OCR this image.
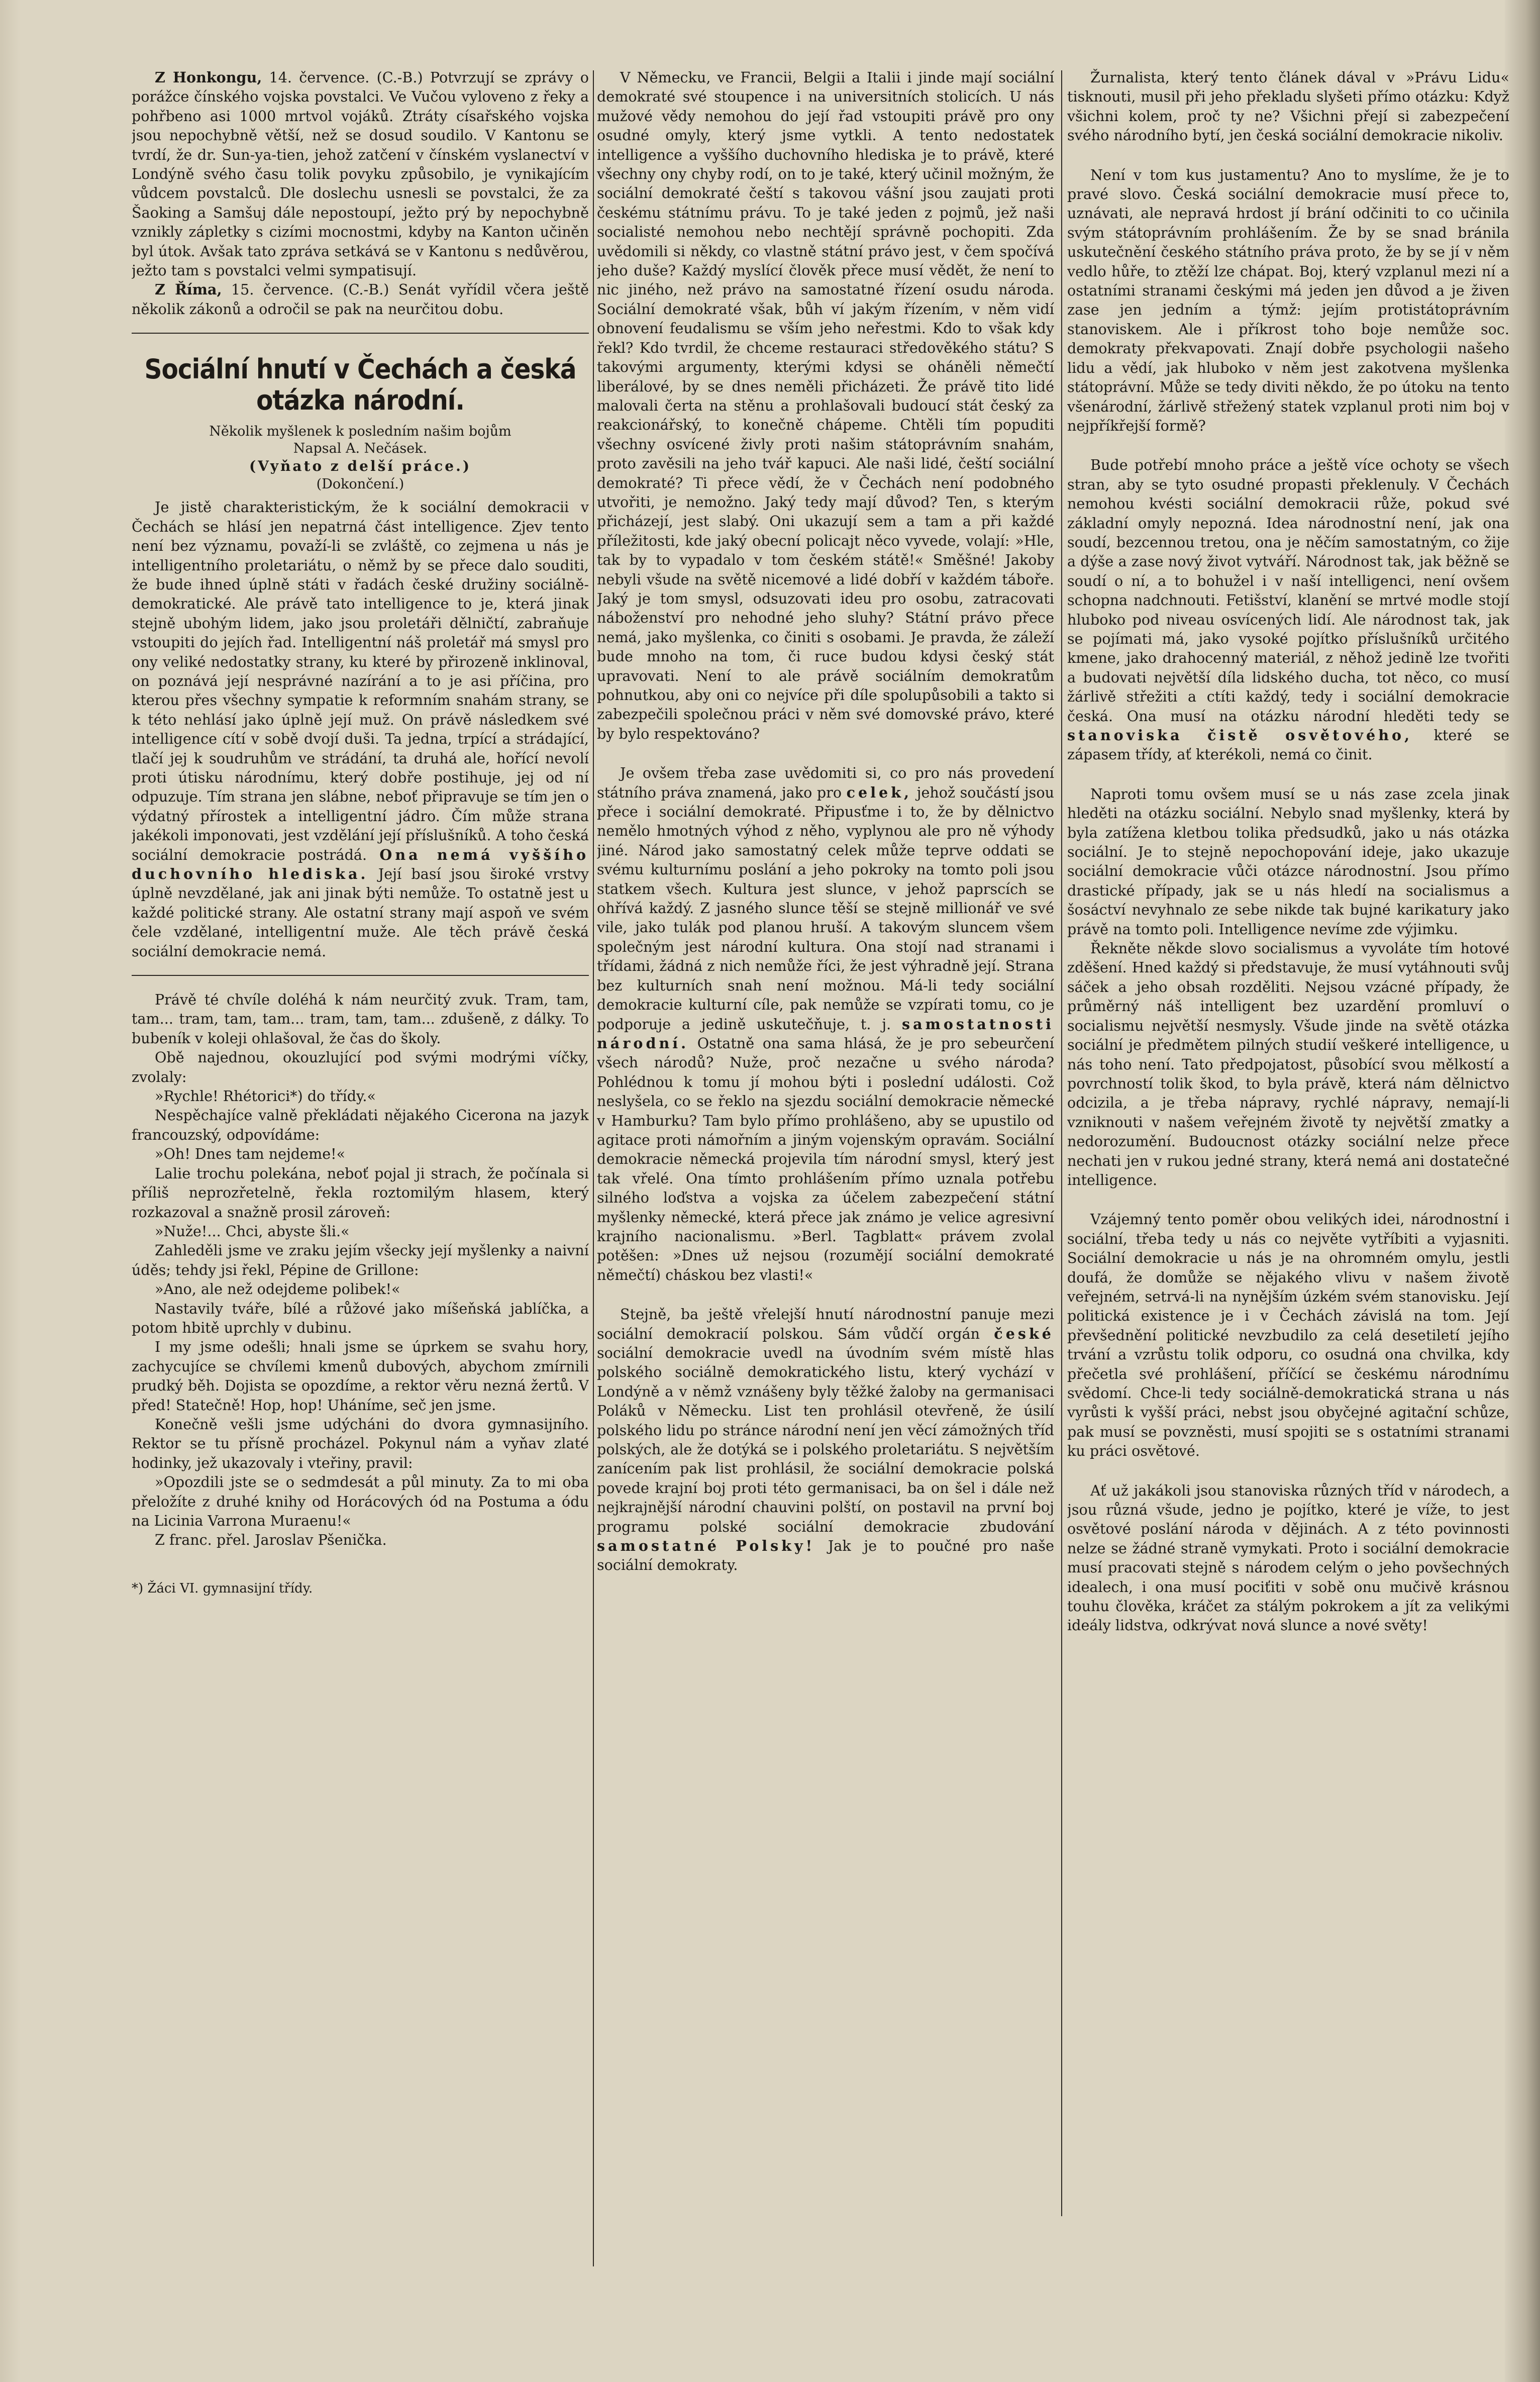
Z Honkongu, 14. července. (C.-B.) Potvrzují se zprávy o porážce čínského vojska povstalci. Ve Vučou vyloveno z řeky a pohřbeno asi 1000 mrtvol vojáků. Ztráty císařského vojska jsou nepochybně větší, než se dosud soudilo. V Kantonu se tvrdí, že dr. Sun-ya-tien, jehož zatčení v čínském vyslanectví v Londýně svého času tolik povyku způsobilo, je vynikajícím vůdcem povstalců. Dle doslechu usnesli se povstalci, že za Šaoking a Samšuj dále nepostoupí, ježto prý by nepochybně vznikly zápletky s cizími mocnostmi, kdyby na Kanton učiněn byl útok. Avšak tato zpráva setkává se v Kantonu s nedůvěrou, ježto tam s povstalci velmi sympatisují.

Z Říma, 15. července. (C.-B.) Senát vyřídil včera ještě několik zákonů a odročil se pak na neurčitou dobu.

Sociální hnutí v Čechách a česká otázka národní.
Několik myšlenek k posledním našim bojům
Napsal A. Nečásek.
(Vyňato z delší práce.)
(Dokončení.)

Je jistě charakteristickým, že k sociální demokracii v Čechách se hlásí jen nepatrná část intelligence. Zjev tento není bez významu, považí-li se zvláště, co zejmena u nás je intelligentního proletariátu, o němž by se přece dalo souditi, že bude ihned úplně státi v řadách české družiny sociálně-demokratické. Ale právě tato intelligence to je, která jinak stejně ubohým lidem, jako jsou proletáři dělničtí, zabraňuje vstoupiti do jejích řad. Intelligentní náš proletář má smysl pro ony veliké nedostatky strany, ku které by přirozeně inklinoval, on poznává její nesprávné nazírání a to je asi příčina, pro kterou přes všechny sympatie k reformním snahám strany, se k této nehlásí jako úplně její muž. On právě následkem své intelligence cítí v sobě dvojí duši. Ta jedna, trpící a strádající, tlačí jej k soudruhům ve strádání, ta druhá ale, hořící nevolí proti útisku národnímu, který dobře postihuje, jej od ní odpuzuje. Tím strana jen slábne, neboť připravuje se tím jen o výdatný přírostek a intelligentní jádro. Čím může strana jakékoli imponovati, jest vzdělání její příslušníků. A toho česká sociální demokracie postrádá. Ona nemá vyššího duchovního hlediska. Její basí jsou široké vrstvy úplně nevzdělané, jak ani jinak býti nemůže. To ostatně jest u každé politické strany. Ale ostatní strany mají aspoň ve svém čele vzdělané, intelligentní muže. Ale těch právě česká sociální demokracie nemá.

Právě té chvíle doléhá k nám neurčitý zvuk. Tram, tam, tam... tram, tam, tam... tram, tam, tam... zdušeně, z dálky. To bubeník v koleji ohlašoval, že čas do školy.

Obě najednou, okouzlující pod svými modrými víčky, zvolaly:

»Rychle! Rhétorici*) do třídy.«

Nespěchajíce valně překládati nějakého Cicerona na jazyk francouzský, odpovídáme:

»Oh! Dnes tam nejdeme!«

Lalie trochu polekána, neboť pojal ji strach, že počínala si příliš neprozřetelně, řekla roztomilým hlasem, který rozkazoval a snažně prosil zároveň:

»Nuže!... Chci, abyste šli.«

Zahleděli jsme ve zraku jejím všecky její myšlenky a naivní úděs; tehdy jsi řekl, Pépine de Grillone:

»Ano, ale než odejdeme polibek!«

Nastavily tváře, bílé a růžové jako míšeňská jablíčka, a potom hbitě uprchly v dubinu.

I my jsme odešli; hnali jsme se úprkem se svahu hory, zachycujíce se chvílemi kmenů dubových, abychom zmírnili prudký běh. Dojista se opozdíme, a rektor věru nezná žertů. V před! Statečně! Hop, hop! Uháníme, seč jen jsme.

Konečně vešli jsme udýcháni do dvora gymnasijního. Rektor se tu přísně procházel. Pokynul nám a vyňav zlaté hodinky, jež ukazovaly i vteřiny, pravil:

»Opozdili jste se o sedmdesát a půl minuty. Za to mi oba přeložíte z druhé knihy od Horácových ód na Postuma a ódu na Licinia Varrona Muraenu!«

Z franc. přel. Jaroslav Pšenička.

*) Žáci VI. gymnasijní třídy.

V Německu, ve Francii, Belgii a Italii i jinde mají sociální demokraté své stoupence i na universitních stolicích. U nás mužové vědy nemohou do její řad vstoupiti právě pro ony osudné omyly, který jsme vytkli. A tento nedostatek intelligence a vyššího duchovního hlediska je to právě, které všechny ony chyby rodí, on to je také, který učinil možným, že sociální demokraté čeští s takovou vášní jsou zaujati proti českému státnímu právu. To je také jeden z pojmů, jež naši socialisté nemohou nebo nechtějí správně pochopiti. Zda uvědomili si někdy, co vlastně státní právo jest, v čem spočívá jeho duše? Každý myslící člověk přece musí vědět, že není to nic jiného, než právo na samostatné řízení osudu národa. Sociální demokraté však, bůh ví jakým řízením, v něm vidí obnovení feudalismu se vším jeho neřestmi. Kdo to však kdy řekl? Kdo tvrdil, že chceme restauraci středověkého státu? S takovými argumenty, kterými kdysi se oháněli němečtí liberálové, by se dnes neměli přicházeti. Že právě tito lidé malovali čerta na stěnu a prohlašovali budoucí stát český za reakcionářský, to konečně chápeme. Chtěli tím popuditi všechny osvícené živly proti našim státoprávním snahám, proto zavěsili na jeho tvář kapuci. Ale naši lidé, čeští sociální demokraté? Ti přece vědí, že v Čechách není podobného utvořiti, je nemožno. Jaký tedy mají důvod? Ten, s kterým přicházejí, jest slabý. Oni ukazují sem a tam a při každé příležitosti, kde jaký obecní policajt něco vyvede, volají: »Hle, tak by to vypadalo v tom českém státě!« Směšné! Jakoby nebyli všude na světě nicemové a lidé dobří v každém táboře. Jaký je tom smysl, odsuzovati ideu pro osobu, zatracovati náboženství pro nehodné jeho sluhy? Státní právo přece nemá, jako myšlenka, co činiti s osobami. Je pravda, že záleží bude mnoho na tom, či ruce budou kdysi český stát upravovati. Není to ale právě sociálním demokratům pohnutkou, aby oni co nejvíce při díle spolupůsobili a takto si zabezpečili společnou práci v něm své domovské právo, které by bylo respektováno?

Je ovšem třeba zase uvědomiti si, co pro nás provedení státního práva znamená, jako pro celek, jehož součástí jsou přece i sociální demokraté. Připusťme i to, že by dělnictvo nemělo hmotných výhod z něho, vyplynou ale pro ně výhody jiné. Národ jako samostatný celek může teprve oddati se svému kulturnímu poslání a jeho pokroky na tomto poli jsou statkem všech. Kultura jest slunce, v jehož paprscích se ohřívá každý. Z jasného slunce těší se stejně millionář ve své vile, jako tulák pod planou hruší. A takovým sluncem všem společným jest národní kultura. Ona stojí nad stranami i třídami, žádná z nich nemůže říci, že jest výhradně její. Strana bez kulturních snah není možnou. Má-li tedy sociální demokracie kulturní cíle, pak nemůže se vzpírati tomu, co je podporuje a jedině uskutečňuje, t. j. samostatnosti národní. Ostatně ona sama hlásá, že je pro sebeurčení všech národů? Nuže, proč nezačne u svého národa? Pohlédnou k tomu jí mohou býti i poslední události. Což neslyšela, co se řeklo na sjezdu sociální demokracie německé v Hamburku? Tam bylo přímo prohlášeno, aby se upustilo od agitace proti námořním a jiným vojenským opravám. Sociální demokracie německá projevila tím národní smysl, který jest tak vřelé. Ona tímto prohlášením přímo uznala potřebu silného loďstva a vojska za účelem zabezpečení státní myšlenky německé, která přece jak známo je velice agresivní krajního nacionalismu. »Berl. Tagblatt« právem zvolal potěšen: »Dnes už nejsou (rozumějí sociální demokraté němečtí) cháskou bez vlasti!«

Stejně, ba ještě vřelejší hnutí národnostní panuje mezi sociální demokracií polskou. Sám vůdčí orgán české sociální demokracie uvedl na úvodním svém místě hlas polského sociálně demokratického listu, který vychází v Londýně a v němž vznášeny byly těžké žaloby na germanisaci Poláků v Německu. List ten prohlásil otevřeně, že úsilí polského lidu po stránce národní není jen věcí zámožných tříd polských, ale že dotýká se i polského proletariátu. S největším zanícením pak list prohlásil, že sociální demokracie polská povede krajní boj proti této germanisaci, ba on šel i dále než nejkrajnější národní chauvini polští, on postavil na první boj programu polské sociální demokracie zbudování samostatné Polsky! Jak je to poučné pro naše sociální demokraty.

Žurnalista, který tento článek dával v »Právu Lidu« tisknouti, musil při jeho překladu slyšeti přímo otázku: Když všichni kolem, proč ty ne? Všichni přejí si zabezpečení svého národního bytí, jen česká sociální demokracie nikoliv.

Není v tom kus justamentu? Ano to myslíme, že je to pravé slovo. Česká sociální demokracie musí přece to, uznávati, ale nepravá hrdost jí brání odčiniti to co učinila svým státoprávním prohlášením. Že by se snad bránila uskutečnění českého státního práva proto, že by se jí v něm vedlo hůře, to ztěží lze chápat. Boj, který vzplanul mezi ní a ostatními stranami českými má jeden jen důvod a je živen zase jen jedním a týmž: jejím protistátoprávním stanoviskem. Ale i příkrost toho boje nemůže soc. demokraty překvapovati. Znají dobře psychologii našeho lidu a vědí, jak hluboko v něm jest zakotvena myšlenka státoprávní. Může se tedy diviti někdo, že po útoku na tento všenárodní, žárlivě střežený statek vzplanul proti nim boj v nejpříkřejší formě?

Bude potřebí mnoho práce a ještě více ochoty se všech stran, aby se tyto osudné propasti překlenuly. V Čechách nemohou kvésti sociální demokracii růže, pokud své základní omyly nepozná. Idea národnostní není, jak ona soudí, bezcennou tretou, ona je něčím samostatným, co žije a dýše a zase nový život vytváří. Národnost tak, jak běžně se soudí o ní, a to bohužel i v naší intelligenci, není ovšem schopna nadchnouti. Fetišství, klanění se mrtvé modle stojí hluboko pod niveau osvícených lidí. Ale národnost tak, jak se pojímati má, jako vysoké pojítko příslušníků určitého kmene, jako drahocenný materiál, z něhož jedině lze tvořiti a budovati největší díla lidského ducha, tot něco, co musí žárlivě střežiti a ctíti každý, tedy i sociální demokracie česká. Ona musí na otázku národní hleděti tedy se stanoviska čistě osvětového, které se zápasem třídy, ať kterékoli, nemá co činit.

Naproti tomu ovšem musí se u nás zase zcela jinak hleděti na otázku sociální. Nebylo snad myšlenky, která by byla zatížena kletbou tolika předsudků, jako u nás otázka sociální. Je to stejně nepochopování ideje, jako ukazuje sociální demokracie vůči otázce národnostní. Jsou přímo drastické případy, jak se u nás hledí na socialismus a šosáctví nevyhnalo ze sebe nikde tak bujné karikatury jako právě na tomto poli. Intelligence nevíme zde výjimku.

Řekněte někde slovo socialismus a vyvoláte tím hotové zděšení. Hned každý si představuje, že musí vytáhnouti svůj sáček a jeho obsah rozděliti. Nejsou vzácné případy, že průměrný náš intelligent bez uzardění promluví o socialismu největší nesmysly. Všude jinde na světě otázka sociální je předmětem pilných studií veškeré intelligence, u nás toho není. Tato předpojatost, působící svou mělkostí a povrchností tolik škod, to byla právě, která nám dělnictvo odcizila, a je třeba nápravy, rychlé nápravy, nemají-li vzniknouti v našem veřejném životě ty největší zmatky a nedorozumění. Budoucnost otázky sociální nelze přece nechati jen v rukou jedné strany, která nemá ani dostatečné intelligence.

Vzájemný tento poměr obou velikých idei, národnostní i sociální, třeba tedy u nás co největe vytříbiti a vyjasniti. Sociální demokracie u nás je na ohromném omylu, jestli doufá, že domůže se nějakého vlivu v našem životě veřejném, setrvá-li na nynějším úzkém svém stanovisku. Její politická existence je i v Čechách závislá na tom. Její převšednění politické nevzbudilo za celá desetiletí jejího trvání a vzrůstu tolik odporu, co osudná ona chvilka, kdy přečetla své prohlášení, příčící se českému národnímu svědomí. Chce-li tedy sociálně-demokratická strana u nás vyrůsti k vyšší práci, nebst jsou obyčejné agitační schůze, pak musí se povzněsti, musí spojiti se s ostatními stranami ku práci osvětové.

Ať už jakákoli jsou stanoviska různých tříd v národech, a jsou různá všude, jedno je pojítko, které je víže, to jest osvětové poslání národa v dějinách. A z této povinnosti nelze se žádné straně vymykati. Proto i sociální demokracie musí pracovati stejně s národem celým o jeho povšechných idealech, i ona musí pociťiti v sobě onu mučivě krásnou touhu člověka, kráčet za stálým pokrokem a jít za velikými ideály lidstva, odkrývat nová slunce a nové světy!
